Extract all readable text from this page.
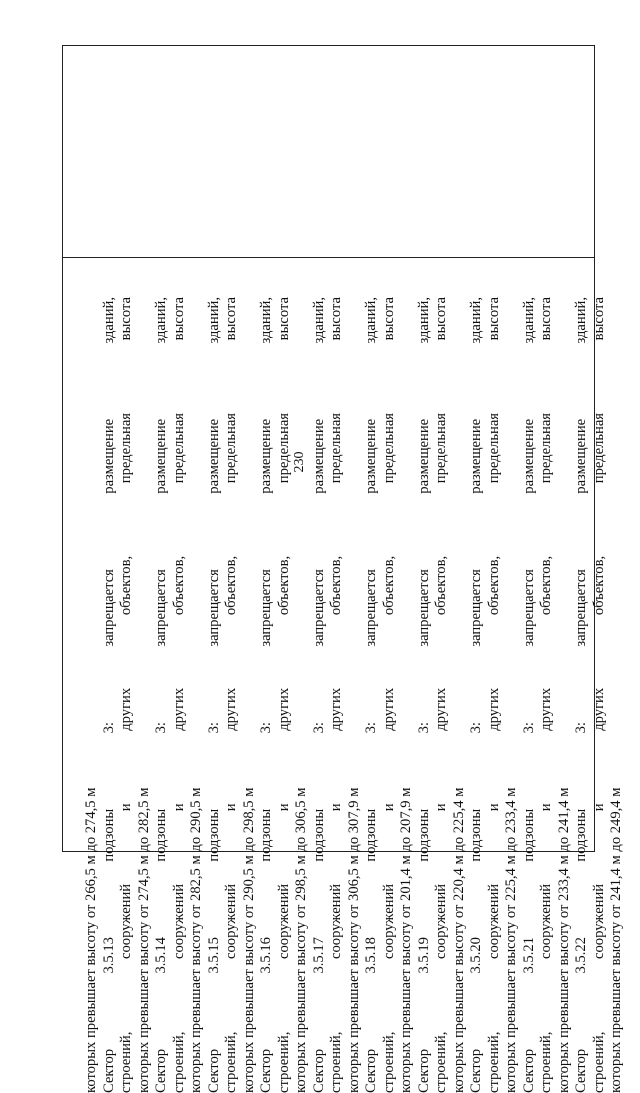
230
которых превышает высоту от 266,5 м до 274,5 м Сектор 3.5.13 подзоны 3: запрещается размещение зданий, строений, сооружений и других объектов, предельная высота которых превышает высоту от 274,5 м до 282,5 м Сектор 3.5.14 подзоны 3: запрещается размещение зданий, строений, сооружений и других объектов, предельная высота которых превышает высоту от 282,5 м до 290,5 м Сектор 3.5.15 подзоны 3: запрещается размещение зданий, строений, сооружений и других объектов, предельная высота которых превышает высоту от 290,5 м до 298,5 м Сектор 3.5.16 подзоны 3: запрещается размещение зданий, строений, сооружений и других объектов, предельная высота которых превышает высоту от 298,5 м до 306,5 м Сектор 3.5.17 подзоны 3: запрещается размещение зданий, строений, сооружений и других объектов, предельная высота которых превышает высоту от 306,5 м до 307,9 м Сектор 3.5.18 подзоны 3: запрещается размещение зданий, строений, сооружений и других объектов, предельная высота которых превышает высоту от 201,4 м до 207,9 м Сектор 3.5.19 подзоны 3: запрещается размещение зданий, строений, сооружений и других объектов, предельная высота которых превышает высоту от 220,4 м до 225,4 м Сектор 3.5.20 подзоны 3: запрещается размещение зданий, строений, сооружений и других объектов, предельная высота которых превышает высоту от 225,4 м до 233,4 м Сектор 3.5.21 подзоны 3: запрещается размещение зданий, строений, сооружений и других объектов, предельная высота которых превышает высоту от 233,4 м до 241,4 м Сектор 3.5.22 подзоны 3: запрещается размещение зданий, строений, сооружений и других объектов, предельная высота которых превышает высоту от 241,4 м до 249,4 м
